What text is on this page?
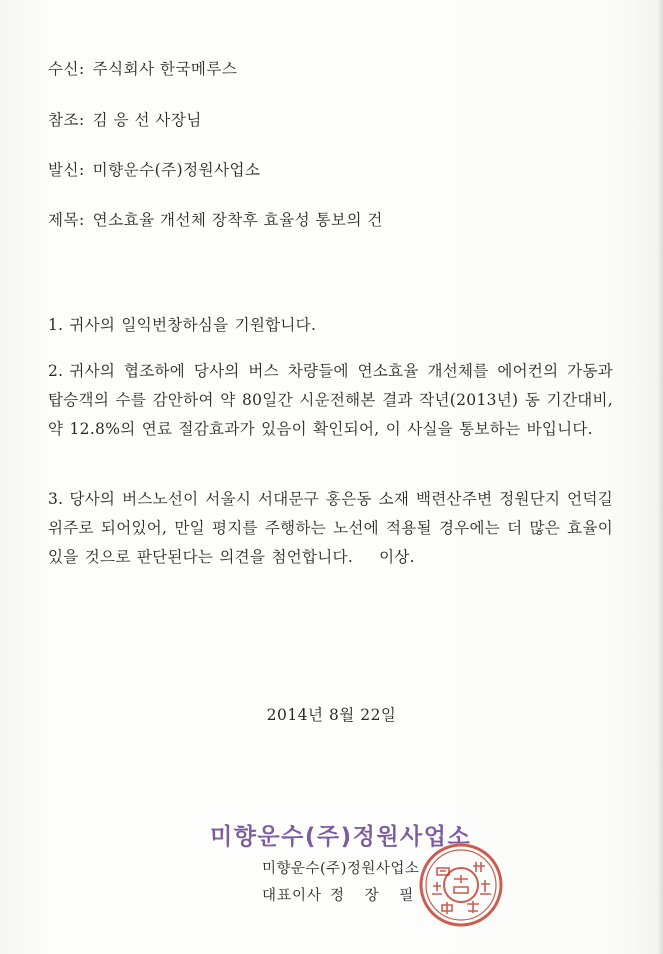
수신: 주식회사 한국메루스
참조: 김 응 선 사장님
발신: 미향운수(주)정원사업소
제목: 연소효율 개선체 장착후 효율성 통보의 건
1. 귀사의 일익번창하심을 기원합니다.
2. 귀사의 협조하에 당사의 버스 차량들에 연소효율 개선체를 에어컨의 가동과 탑승객의 수를 감안하여 약 80일간 시운전해본 결과 작년(2013년) 동 기간대비, 약 12.8%의 연료 절감효과가 있음이 확인되어, 이 사실을 통보하는 바입니다.
3. 당사의 버스노선이 서울시 서대문구 홍은동 소재 백련산주변 정원단지 언덕길 위주로 되어있어, 만일 평지를 주행하는 노선에 적용될 경우에는 더 많은 효율이 있을 것으로 판단된다는 의견을 첨언합니다. 이상.
2014년 8월 22일
미향운수(주)정원사업소
미향운수(주)정원사업소
대표이사 정 장 필
